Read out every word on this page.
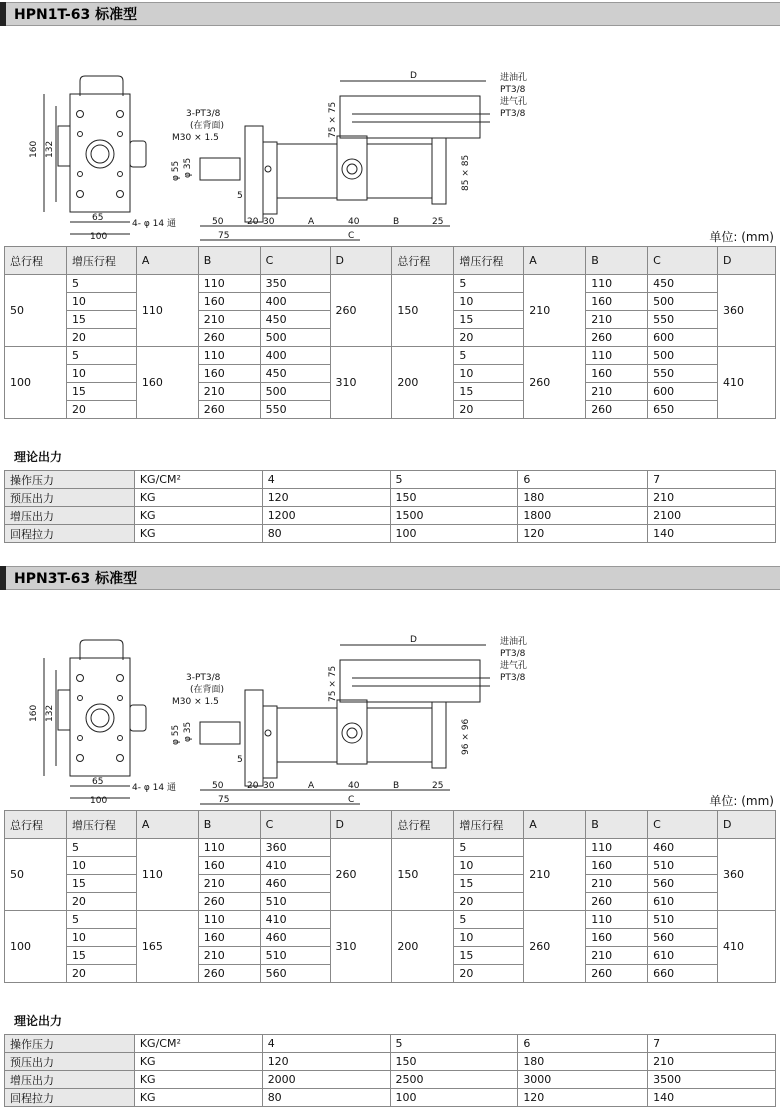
HPN1T-63 标准型
160 132
65
100
4- φ 14 通
D	进油孔
PT3/8
进气孔
PT3/8
3-PT3/8
(在背面)
M30 × 1.5
φ 55 φ 35
75 × 75
85 × 85
5
50	20 30	A	40	B	25
75	C	单位: (mm)
总行程	增压行程	A	B	C	D	总行程	增压行程	A	B	C	D
50	5	110	110	350	260	150	5	210	110	450	360
	10		160	400			10		160	500	
	15		210	450			15		210	550	
	20		260	500			20		260	600	
100	5	160	110	400	310	200	5	260	110	500	410
	10		160	450			10		160	550	
	15		210	500			15		210	600	
	20		260	550			20		260	650	
理论出力
操作压力	KG/CM²	4	5	6	7
预压出力	KG	120	150	180	210
增压出力	KG	1200	1500	1800	2100
回程拉力	KG	80	100	120	140
HPN3T-63 标准型
160 132
65
100
4- φ 14 通
D	进油孔
PT3/8
进气孔
PT3/8
3-PT3/8
(在背面)
M30 × 1.5
φ 55 φ 35
75 × 75
96 × 96
5
50	20 30	A	40	B	25
75	C	单位: (mm)
总行程	增压行程	A	B	C	D	总行程	增压行程	A	B	C	D
50	5	110	110	360	260	150	5	210	110	460	360
	10		160	410			10		160	510	
	15		210	460			15		210	560	
	20		260	510			20		260	610	
100	5	165	110	410	310	200	5	260	110	510	410
	10		160	460			10		160	560	
	15		210	510			15		210	610	
	20		260	560			20		260	660	
理论出力
操作压力	KG/CM²	4	5	6	7
预压出力	KG	120	150	180	210
增压出力	KG	2000	2500	3000	3500
回程拉力	KG	80	100	120	140
